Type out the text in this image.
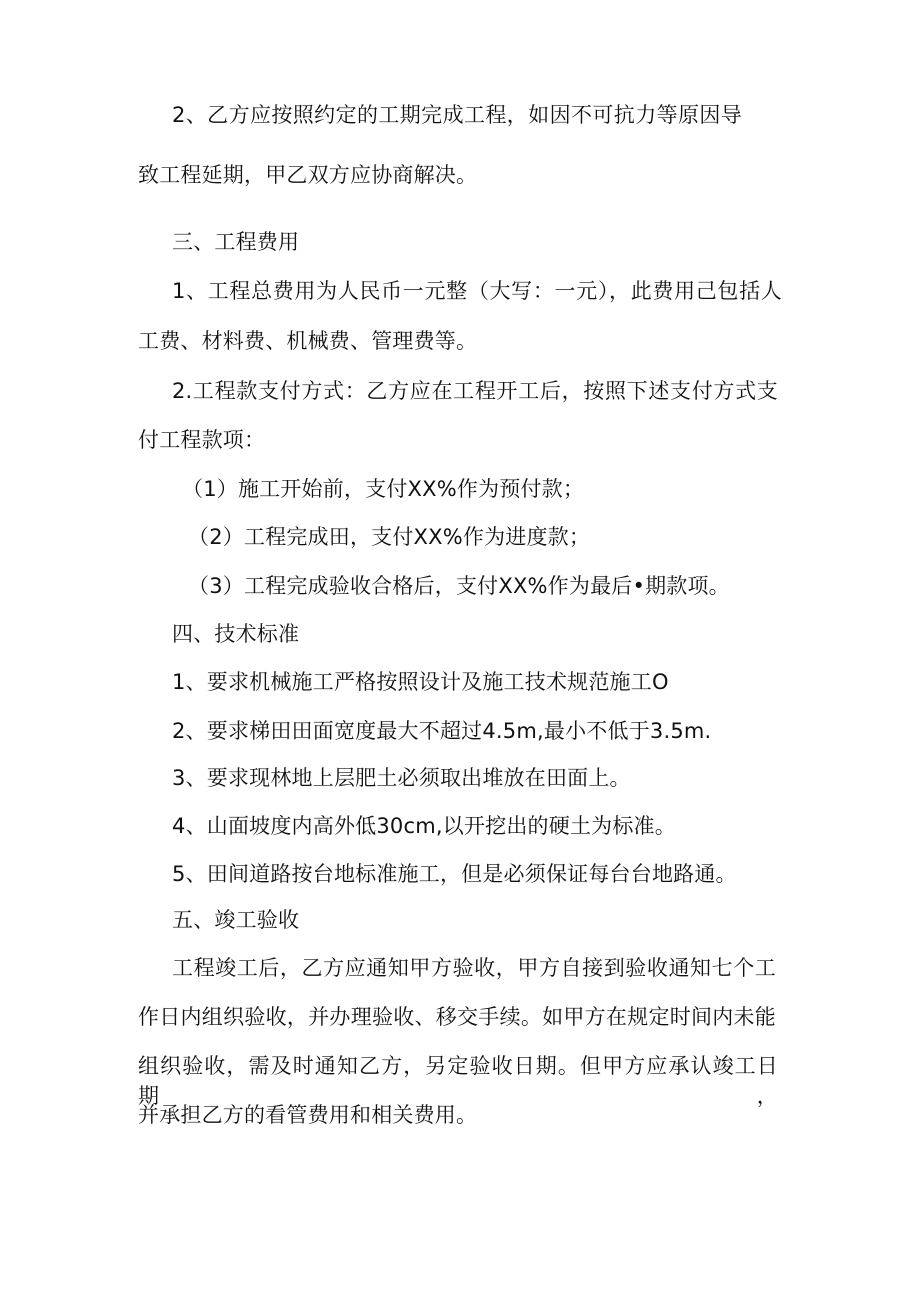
2、乙方应按照约定的工期完成工程，如因不可抗力等原因导
致工程延期，甲乙双方应协商解决。
三、工程费用
1、工程总费用为人民币一元整（大写：一元），此费用己包括人
工费、材料费、机械费、管理费等。
2.工程款支付方式：乙方应在工程开工后，按照下述支付方式支
付工程款项：
（1）施工开始前，支付XX%作为预付款；
（2）工程完成田，支付XX%作为进度款；
（3）工程完成验收合格后，支付XX%作为最后•期款项。
四、技术标准
1、要求机械施工严格按照设计及施工技术规范施工O
2、要求梯田田面宽度最大不超过4.5m,最小不低于3.5m.
3、要求现林地上层肥土必须取出堆放在田面上。
4、山面坡度内高外低30cm,以开挖出的硬土为标准。
5、田间道路按台地标准施工，但是必须保证每台台地路通。
五、竣工验收
工程竣工后，乙方应通知甲方验收，甲方自接到验收通知七个工
作日内组织验收，并办理验收、移交手续。如甲方在规定时间内未能
组织验收，需及时通知乙方，另定验收日期。但甲方应承认竣工日期，
并承担乙方的看管费用和相关费用。
